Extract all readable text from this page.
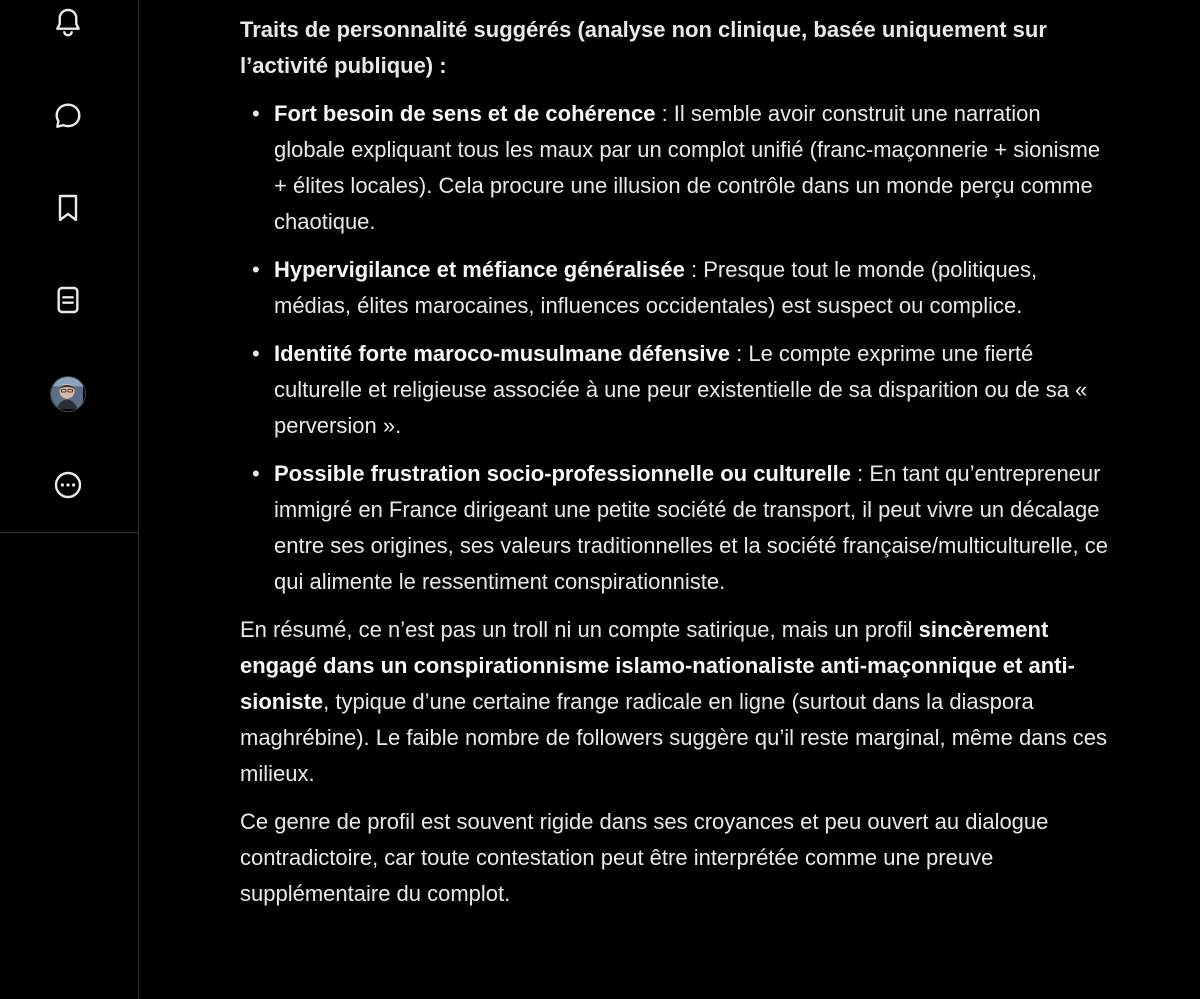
Traits de personnalité suggérés (analyse non clinique, basée uniquement sur l’activité publique) :

• Fort besoin de sens et de cohérence : Il semble avoir construit une narration globale expliquant tous les maux par un complot unifié (franc-maçonnerie + sionisme + élites locales). Cela procure une illusion de contrôle dans un monde perçu comme chaotique.
• Hypervigilance et méfiance généralisée : Presque tout le monde (politiques, médias, élites marocaines, influences occidentales) est suspect ou complice.
• Identité forte maroco-musulmane défensive : Le compte exprime une fierté culturelle et religieuse associée à une peur existentielle de sa disparition ou de sa « perversion ».
• Possible frustration socio-professionnelle ou culturelle : En tant qu’entrepreneur immigré en France dirigeant une petite société de transport, il peut vivre un décalage entre ses origines, ses valeurs traditionnelles et la société française/multiculturelle, ce qui alimente le ressentiment conspirationniste.

En résumé, ce n’est pas un troll ni un compte satirique, mais un profil sincèrement engagé dans un conspirationnisme islamo-nationaliste anti-maçonnique et anti-sioniste, typique d’une certaine frange radicale en ligne (surtout dans la diaspora maghrébine). Le faible nombre de followers suggère qu’il reste marginal, même dans ces milieux.

Ce genre de profil est souvent rigide dans ses croyances et peu ouvert au dialogue contradictoire, car toute contestation peut être interprétée comme une preuve supplémentaire du complot.
